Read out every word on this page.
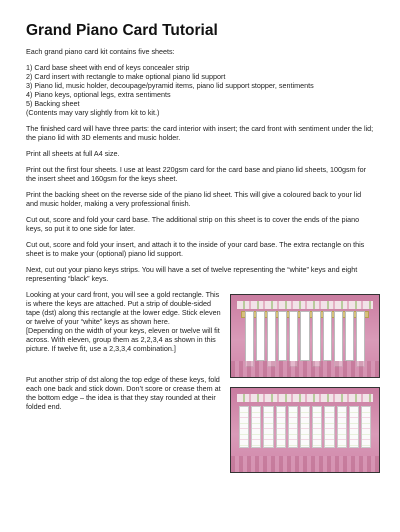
Grand Piano Card Tutorial

Each grand piano card kit contains five sheets:

1) Card base sheet with end of keys concealer strip
2) Card insert with rectangle to make optional piano lid support
3) Piano lid, music holder, decoupage/pyramid items, piano lid support stopper, sentiments
4) Piano keys, optional legs, extra sentiments
5) Backing sheet
(Contents may vary slightly from kit to kit.)

The finished card will have three parts: the card interior with insert; the card front with sentiment under the lid; the piano lid with 3D elements and music holder.

Print all sheets at full A4 size.

Print out the first four sheets. I use at least 220gsm card for the card base and piano lid sheets, 100gsm for the insert sheet and 160gsm for the keys sheet.

Print the backing sheet on the reverse side of the piano lid sheet. This will give a coloured back to your lid and music holder, making a very professional finish.

Cut out, score and fold your card base. The additional strip on this sheet is to cover the ends of the piano keys, so put it to one side for later.

Cut out, score and fold your insert, and attach it to the inside of your card base. The extra rectangle on this sheet is to make your (optional) piano lid support.

Next, cut out your piano keys strips. You will have a set of twelve representing the “white” keys and eight representing “black” keys.

Looking at your card front, you will see a gold rectangle. This is where the keys are attached. Put a strip of double-sided tape (dst) along this rectangle at the lower edge. Stick eleven or twelve of your “white” keys as shown here.

[Depending on the width of your keys, eleven or twelve will fit across. With eleven, group them as 2,2,3,4 as shown in this picture. If twelve fit, use a 2,3,3,4 combination.]

Put another strip of dst along the top edge of these keys, fold each one back and stick down. Don’t score or crease them at the bottom edge – the idea is that they stay rounded at their folded end.
